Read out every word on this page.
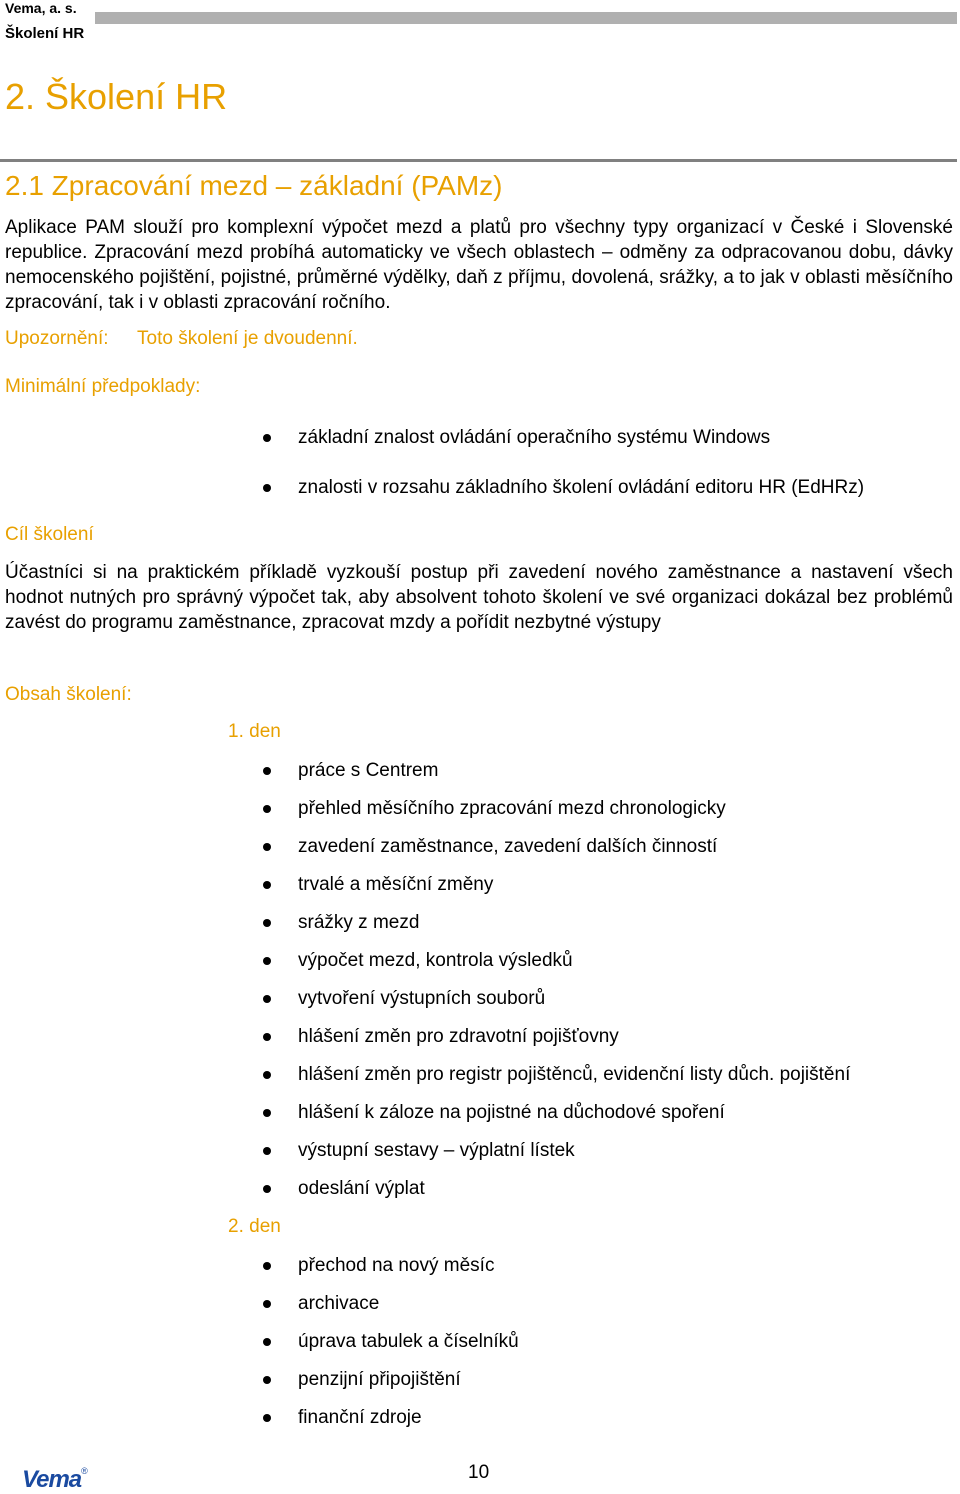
Vema, a. s.
Školení HR
2. Školení HR
2.1 Zpracování mezd – základní (PAMz)
Aplikace PAM slouží pro komplexní výpočet mezd a platů pro všechny typy organizací v České i Slovenské republice. Zpracování mezd probíhá automaticky ve všech oblastech – odměny za odpracovanou dobu, dávky nemocenského pojištění, pojistné, průměrné výdělky, daň z příjmu, dovolená, srážky, a to jak v oblasti měsíčního zpracování, tak i v oblasti zpracování ročního.
Upozornění: Toto školení je dvoudenní.
Minimální předpoklady:
základní znalost ovládání operačního systému Windows
znalosti v rozsahu základního školení ovládání editoru HR (EdHRz)
Cíl školení
Účastníci si na praktickém příkladě vyzkouší postup při zavedení nového zaměstnance a nastavení všech hodnot nutných pro správný výpočet tak, aby absolvent tohoto školení ve své organizaci dokázal bez problémů zavést do programu zaměstnance, zpracovat mzdy a pořídit nezbytné výstupy
Obsah školení:
1. den
práce s Centrem
přehled měsíčního zpracování mezd chronologicky
zavedení zaměstnance, zavedení dalších činností
trvalé a měsíční změny
srážky z mezd
výpočet mezd, kontrola výsledků
vytvoření výstupních souborů
hlášení změn pro zdravotní pojišťovny
hlášení změn pro registr pojištěnců, evidenční listy důch. pojištění
hlášení k záloze na pojistné na důchodové spoření
výstupní sestavy – výplatní lístek
odeslání výplat
2. den
přechod na nový měsíc
archivace
úprava tabulek a číselníků
penzijní připojištění
finanční zdroje
Vema®	10
